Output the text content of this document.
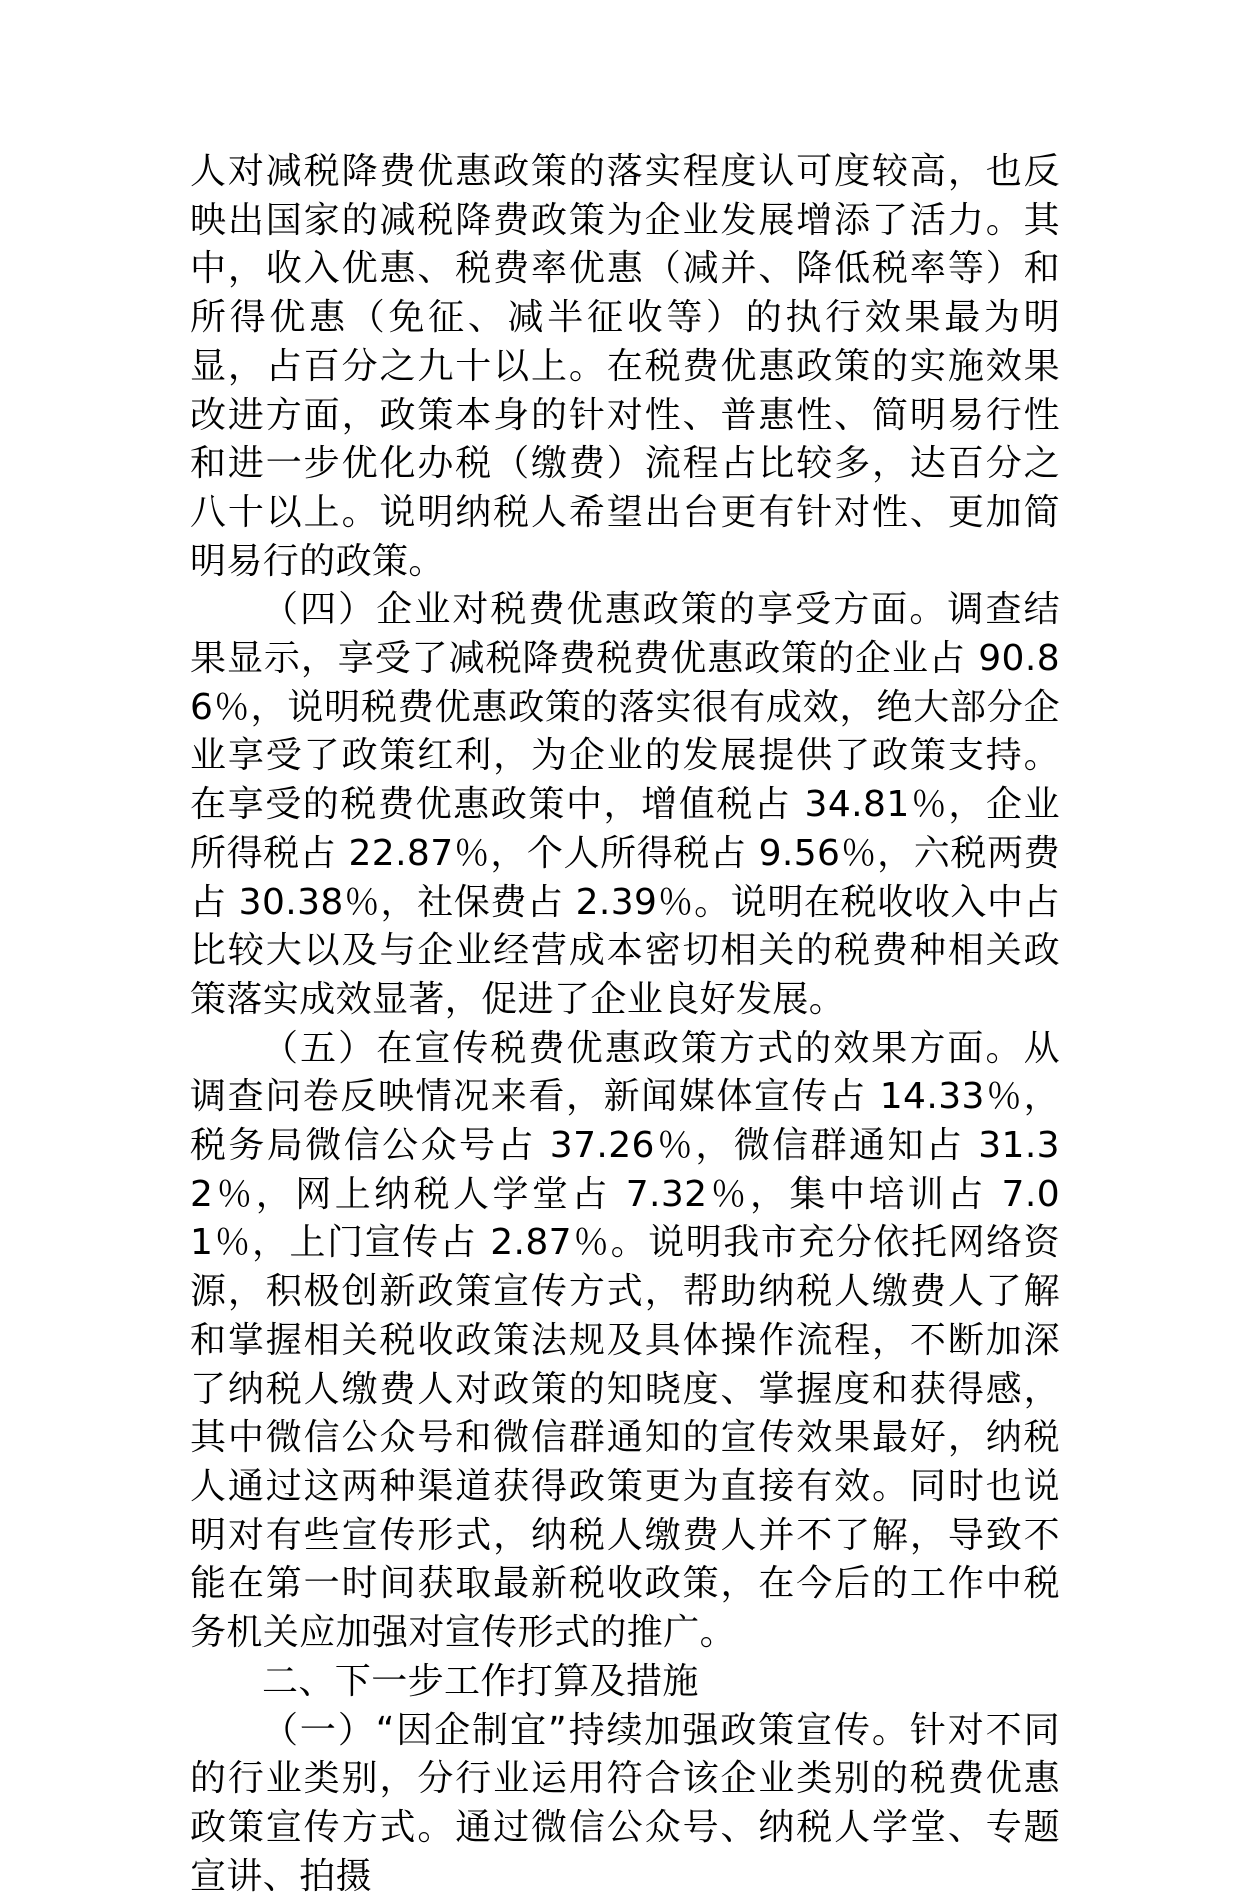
人对减税降费优惠政策的落实程度认可度较高，也反映出国家的减税降费政策为企业发展增添了活力。其中，收入优惠、税费率优惠（减并、降低税率等）和所得优惠（免征、减半征收等）的执行效果最为明显，占百分之九十以上。在税费优惠政策的实施效果改进方面，政策本身的针对性、普惠性、简明易行性和进一步优化办税（缴费）流程占比较多，达百分之八十以上。说明纳税人希望出台更有针对性、更加简明易行的政策。

（四）企业对税费优惠政策的享受方面。调查结果显示，享受了减税降费税费优惠政策的企业占 90.86％，说明税费优惠政策的落实很有成效，绝大部分企业享受了政策红利，为企业的发展提供了政策支持。在享受的税费优惠政策中，增值税占 34.81％，企业所得税占 22.87％，个人所得税占 9.56％，六税两费占 30.38％，社保费占 2.39％。说明在税收收入中占比较大以及与企业经营成本密切相关的税费种相关政策落实成效显著，促进了企业良好发展。

（五）在宣传税费优惠政策方式的效果方面。从调查问卷反映情况来看，新闻媒体宣传占 14.33％，税务局微信公众号占 37.26％，微信群通知占 31.32％，网上纳税人学堂占 7.32％，集中培训占 7.01％，上门宣传占 2.87％。说明我市充分依托网络资源，积极创新政策宣传方式，帮助纳税人缴费人了解和掌握相关税收政策法规及具体操作流程，不断加深了纳税人缴费人对政策的知晓度、掌握度和获得感，其中微信公众号和微信群通知的宣传效果最好，纳税人通过这两种渠道获得政策更为直接有效。同时也说明对有些宣传形式，纳税人缴费人并不了解，导致不能在第一时间获取最新税收政策，在今后的工作中税务机关应加强对宣传形式的推广。

二、下一步工作打算及措施

（一）“因企制宜”持续加强政策宣传。针对不同的行业类别，分行业运用符合该企业类别的税费优惠政策宣传方式。通过微信公众号、纳税人学堂、专题宣讲、拍摄
